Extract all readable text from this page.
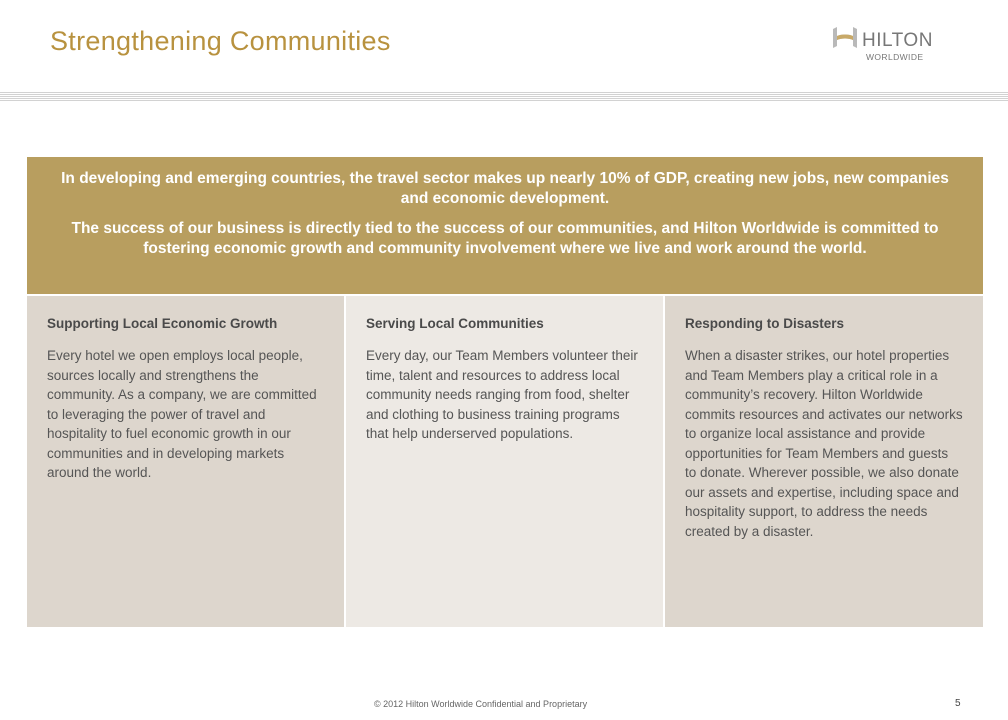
Strengthening Communities	HILTON
WORLDWIDE

In developing and emerging countries, the travel sector makes up nearly 10% of GDP, creating new jobs, new companies and economic development.

The success of our business is directly tied to the success of our communities, and Hilton Worldwide is committed to fostering economic growth and community involvement where we live and work around the world.

Supporting Local Economic Growth

Every hotel we open employs local people, sources locally and strengthens the community. As a company, we are committed to leveraging the power of travel and hospitality to fuel economic growth in our communities and in developing markets around the world.

Serving Local Communities

Every day, our Team Members volunteer their time, talent and resources to address local community needs ranging from food, shelter and clothing to business training programs that help underserved populations.

Responding to Disasters

When a disaster strikes, our hotel properties and Team Members play a critical role in a community’s recovery. Hilton Worldwide commits resources and activates our networks to organize local assistance and provide opportunities for Team Members and guests to donate. Wherever possible, we also donate our assets and expertise, including space and hospitality support, to address the needs created by a disaster.

© 2012 Hilton Worldwide Confidential and Proprietary	5
